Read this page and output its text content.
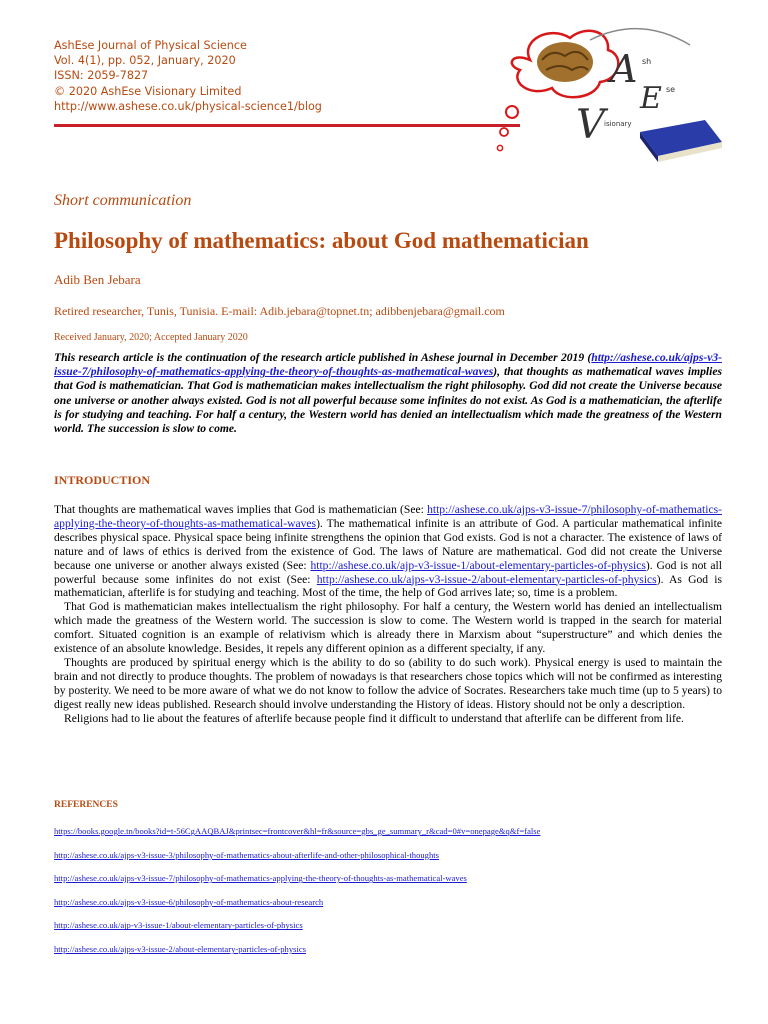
AshEse Journal of Physical Science
Vol. 4(1), pp. 052, January, 2020
ISSN: 2059-7827
© 2020 AshEse Visionary Limited
http://www.ashese.co.uk/physical-science1/blog
A sh
E se
V isionary
Short communication
Philosophy of mathematics: about God mathematician
Adib Ben Jebara
Retired researcher, Tunis, Tunisia. E-mail: Adib.jebara@topnet.tn; adibbenjebara@gmail.com
Received January, 2020; Accepted January 2020
This research article is the continuation of the research article published in Ashese journal in December 2019 (http://ashese.co.uk/ajps-v3-issue-7/philosophy-of-mathematics-applying-the-theory-of-thoughts-as-mathematical-waves), that thoughts as mathematical waves implies that God is mathematician. That God is mathematician makes intellectualism the right philosophy. God did not create the Universe because one universe or another always existed. God is not all powerful because some infinites do not exist. As God is a mathematician, the afterlife is for studying and teaching. For half a century, the Western world has denied an intellectualism which made the greatness of the Western world. The succession is slow to come.
INTRODUCTION

That thoughts are mathematical waves implies that God is mathematician (See: http://ashese.co.uk/ajps-v3-issue-7/philosophy-of-mathematics-applying-the-theory-of-thoughts-as-mathematical-waves). The mathematical infinite is an attribute of God. A particular mathematical infinite describes physical space. Physical space being infinite strengthens the opinion that God exists. God is not a character. The existence of laws of nature and of laws of ethics is derived from the existence of God. The laws of Nature are mathematical. God did not create the Universe because one universe or another always existed (See: http://ashese.co.uk/ajp-v3-issue-1/about-elementary-particles-of-physics). God is not all powerful because some infinites do not exist (See: http://ashese.co.uk/ajps-v3-issue-2/about-elementary-particles-of-physics). As God is mathematician, afterlife is for studying and teaching. Most of the time, the help of God arrives late; so, time is a problem.

That God is mathematician makes intellectualism the right philosophy. For half a century, the Western world has denied an intellectualism which made the greatness of the Western world. The succession is slow to come. The Western world is trapped in the search for material comfort. Situated cognition is an example of relativism which is already there in Marxism about “superstructure” and which denies the existence of an absolute knowledge. Besides, it repels any different opinion as a different specialty, if any.

Thoughts are produced by spiritual energy which is the ability to do so (ability to do such work). Physical energy is used to maintain the brain and not directly to produce thoughts. The problem of nowadays is that researchers chose topics which will not be confirmed as interesting by posterity. We need to be more aware of what we do not know to follow the advice of Socrates. Researchers take much time (up to 5 years) to digest really new ideas published. Research should involve understanding the History of ideas. History should not be only a description.

Religions had to lie about the features of afterlife because people find it difficult to understand that afterlife can be different from life.

REFERENCES
https://books.google.tn/books?id=t-56CgAAQBAJ&printsec=frontcover&hl=fr&source=gbs_ge_summary_r&cad=0#v=onepage&q&f=false
http://ashese.co.uk/ajps-v3-issue-3/philosophy-of-mathematics-about-afterlife-and-other-philosophical-thoughts
http://ashese.co.uk/ajps-v3-issue-7/philosophy-of-mathematics-applying-the-theory-of-thoughts-as-mathematical-waves
http://ashese.co.uk/ajps-v3-issue-6/philosophy-of-mathematics-about-research
http://ashese.co.uk/ajp-v3-issue-1/about-elementary-particles-of-physics
http://ashese.co.uk/ajps-v3-issue-2/about-elementary-particles-of-physics
